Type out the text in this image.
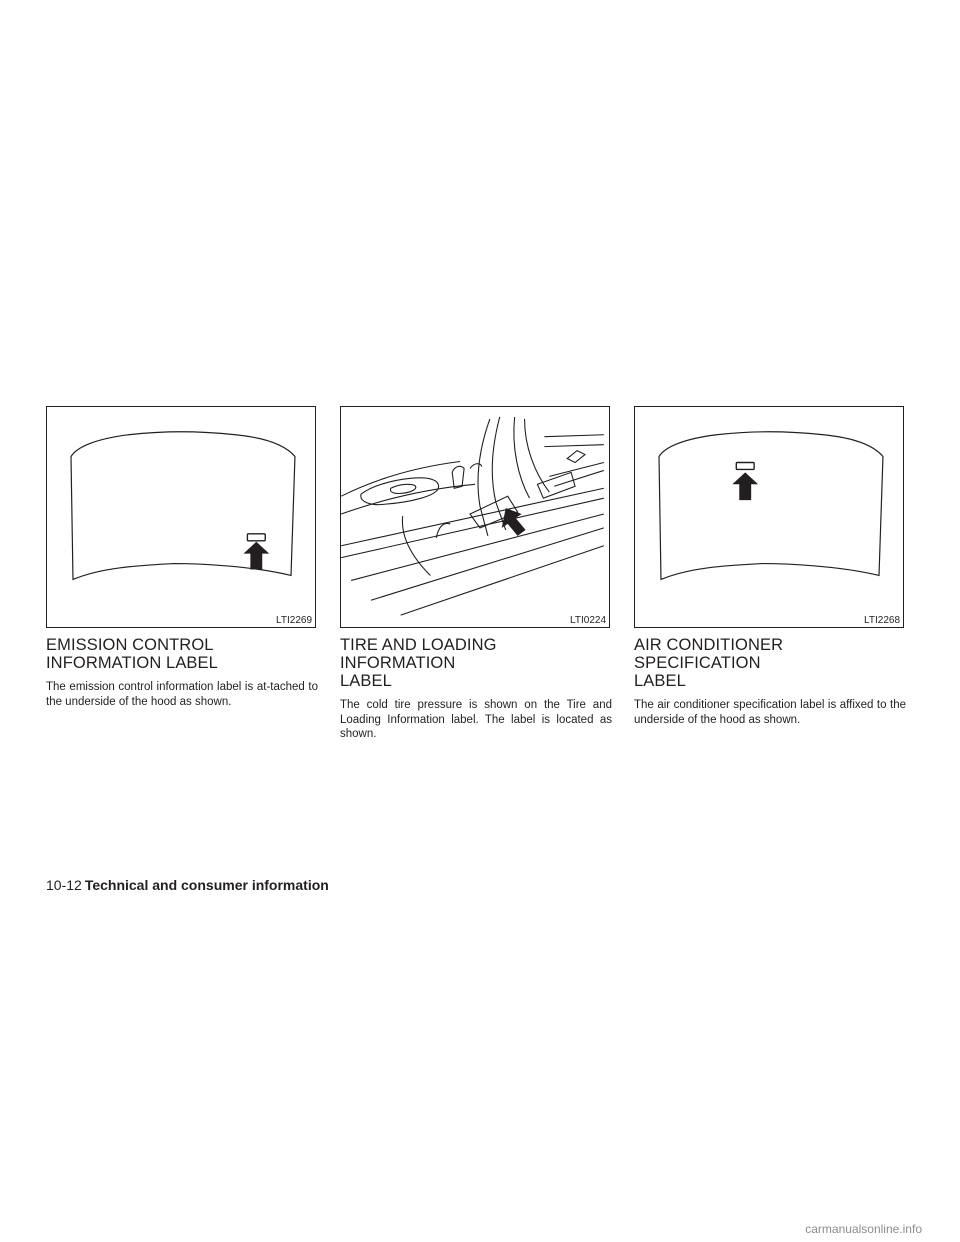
LTI2269	LTI0224	LTI2268
EMISSION CONTROL
INFORMATION LABEL

The emission control information label is at-tached to the underside of the hood as shown.

TIRE AND LOADING INFORMATION
LABEL

The cold tire pressure is shown on the Tire and Loading Information label. The label is located as shown.

AIR CONDITIONER SPECIFICATION
LABEL

The air conditioner specification label is affixed to the underside of the hood as shown.

10-12 Technical and consumer information
carmanualsonline.info
